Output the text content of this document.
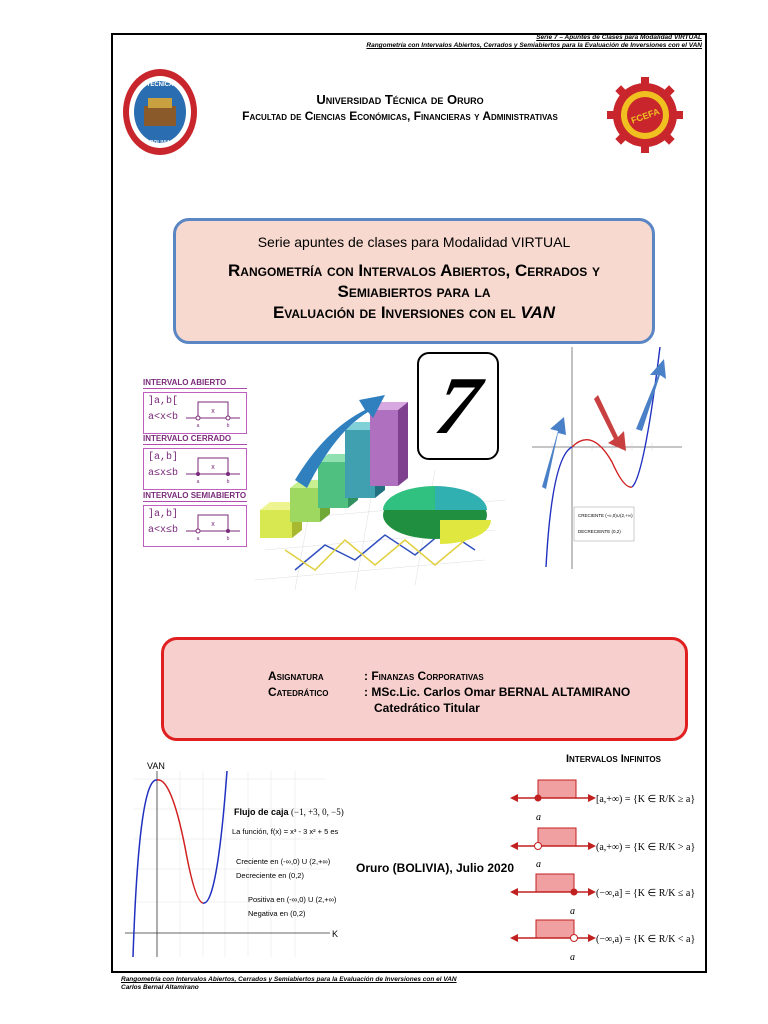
Serie 7 – Apuntes de Clases para Modalidad VIRTUAL
Rangometría con Intervalos Abiertos, Cerrados y Semiabiertos para la Evaluación de Inversiones con el VAN
TÉCNICA
BOLIVIA
Universidad Técnica de Oruro
Facultad de Ciencias Económicas, Financieras y Administrativas	FCEFA
Serie apuntes de clases para Modalidad VIRTUAL
Rangometría con Intervalos Abiertos, Cerrados y
Semiabiertos para la
Evaluación de Inversiones con el VAN
INTERVALO ABIERTO
]a,b[
a<x<b
x
a	b
INTERVALO CERRADO
[a,b]
a≤x≤b
x
a	b
INTERVALO SEMIABIERTO
]a,b]
a<x≤b
x
a	b
7
CRECIENTE (-∞,0)∪(2,+∞)
DECRECIENTE (0,2)
Asignatura	: Finanzas Corporativas
Catedrático	: MSc.Lic. Carlos Omar BERNAL ALTAMIRANO
Catedrático Titular
VAN
K
Flujo de caja (−1, +3, 0, −5)
La función, f(x) = x³ - 3 x² + 5 es
Creciente en (-∞,0) U (2,+∞)
Decreciente en (0,2)
Positiva en (-∞,0) U (2,+∞)
Negativa en (0,2)
Oruro (BOLIVIA), Julio 2020
Intervalos Infinitos
a
[a,+∞) = {K ∈ R/K ≥ a}
a
(a,+∞) = {K ∈ R/K > a}
a
(−∞,a] = {K ∈ R/K ≤ a}
a
(−∞,a) = {K ∈ R/K < a}
Rangometría con Intervalos Abiertos, Cerrados y Semiabiertos para la Evaluación de Inversiones con el VAN
Carlos Bernal Altamirano
